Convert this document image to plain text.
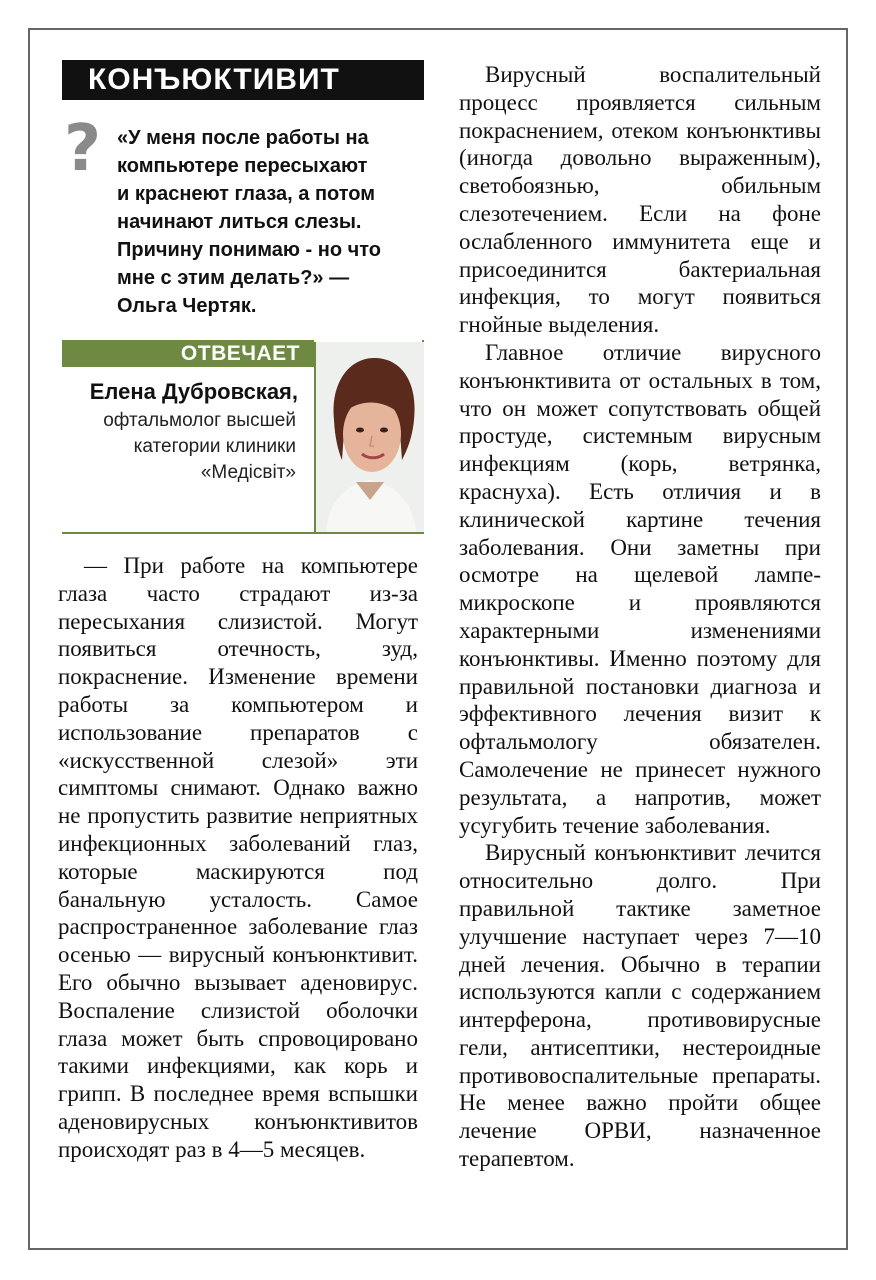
КОНЪЮКТИВИТ
? «У меня после работы на
компьютере пересыхают
и краснеют глаза, а потом
начинают литься слезы.
Причину понимаю - но что
мне с этим делать?» —
Ольга Чертяк.
ОТВЕЧАЕТ
Елена Дубровская,
офтальмолог высшей
категории клиники
«Медісвіт»

— При работе на компьютере глаза часто страдают из-за пересыхания слизистой. Могут появиться отечность, зуд, покраснение. Изменение времени работы за компьютером и использование препаратов с «искусственной слезой» эти симптомы снимают. Однако важно не пропустить развитие неприятных инфекционных заболеваний глаз, которые маскируются под банальную усталость. Самое распространенное заболевание глаз осенью — вирусный конъюнктивит. Его обычно вызывает аденовирус. Воспаление слизистой оболочки глаза может быть спровоцировано такими инфекциями, как корь и грипп. В последнее время вспышки аденовирусных конъюнктивитов происходят раз в 4—5 месяцев.

Вирусный воспалительный процесс проявляется сильным покраснением, отеком конъюнктивы (иногда довольно выраженным), светобоязнью, обильным слезотечением. Если на фоне ослабленного иммунитета еще и присоединится бактериальная инфекция, то могут появиться гнойные выделения.

Главное отличие вирусного конъюнктивита от остальных в том, что он может сопутствовать общей простуде, системным вирусным инфекциям (корь, ветрянка, краснуха). Есть отличия и в клинической картине течения заболевания. Они заметны при осмотре на щелевой лампе-микроскопе и проявляются характерными изменениями конъюнктивы. Именно поэтому для правильной постановки диагноза и эффективного лечения визит к офтальмологу обязателен. Самолечение не принесет нужного результата, а напротив, может усугубить течение заболевания.

Вирусный конъюнктивит лечится относительно долго. При правильной тактике заметное улучшение наступает через 7—10 дней лечения. Обычно в терапии используются капли с содержанием интерферона, противовирусные гели, антисептики, нестероидные противовоспалительные препараты. Не менее важно пройти общее лечение ОРВИ, назначенное терапевтом.
